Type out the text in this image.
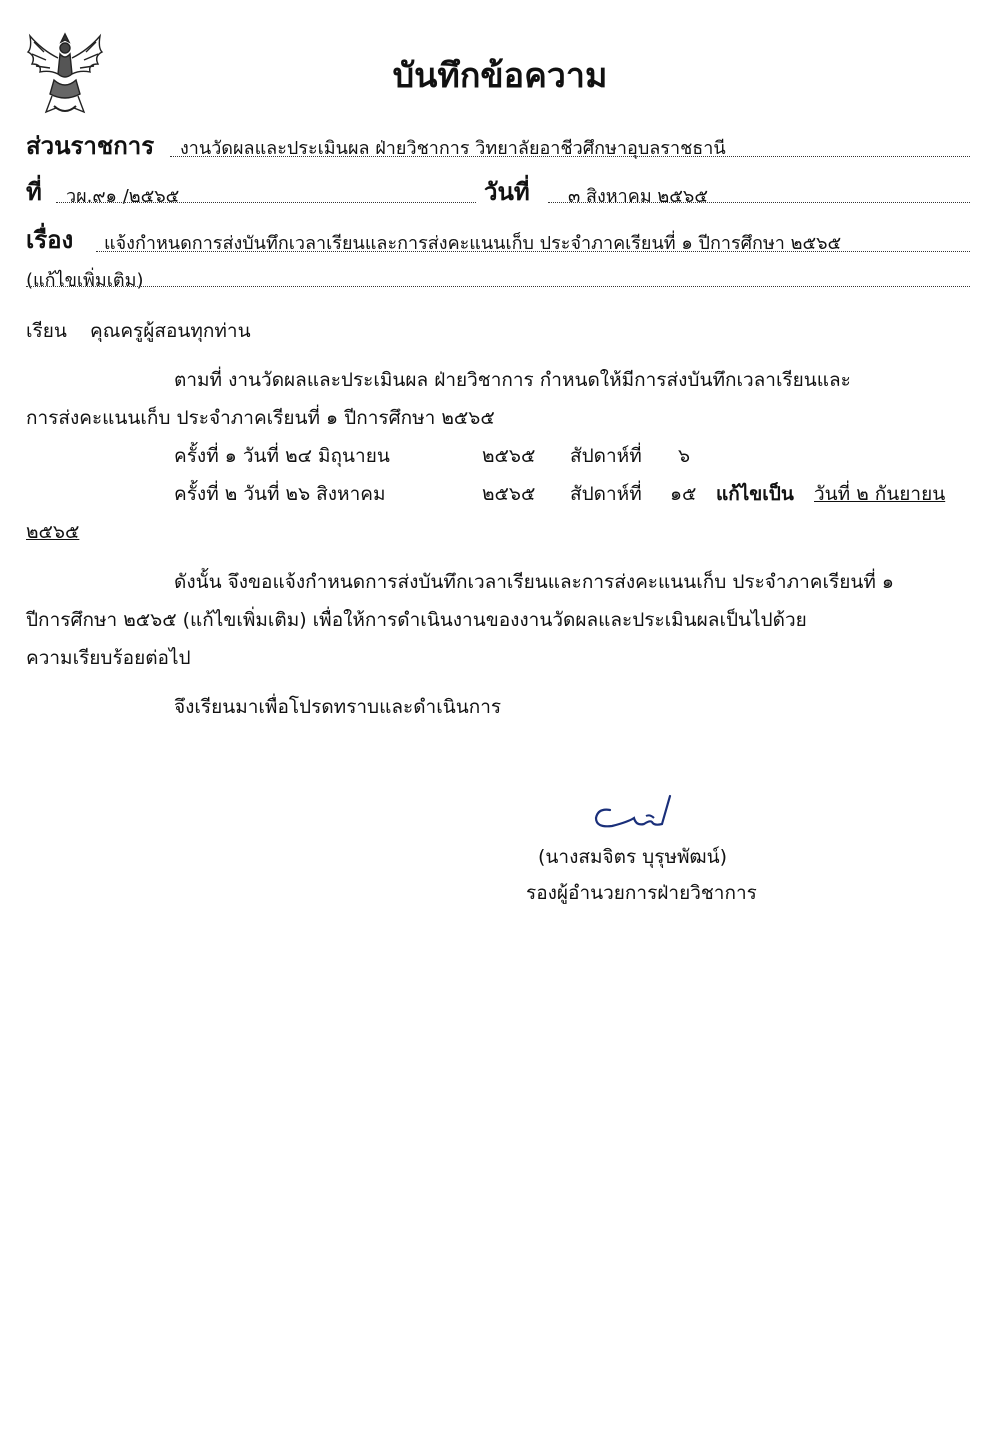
บันทึกข้อความ
ส่วนราชการ งานวัดผลและประเมินผล ฝ่ายวิชาการ วิทยาลัยอาชีวศึกษาอุบลราชธานี
ที่ วผ.๙๑ /๒๕๖๕	วันที่ ๓ สิงหาคม ๒๕๖๕
เรื่อง แจ้งกำหนดการส่งบันทึกเวลาเรียนและการส่งคะแนนเก็บ ประจำภาคเรียนที่ ๑ ปีการศึกษา ๒๕๖๕
(แก้ไขเพิ่มเติม)
เรียน คุณครูผู้สอนทุกท่าน
ตามที่ งานวัดผลและประเมินผล ฝ่ายวิชาการ กำหนดให้มีการส่งบันทึกเวลาเรียนและ
การส่งคะแนนเก็บ ประจำภาคเรียนที่ ๑ ปีการศึกษา ๒๕๖๕
ครั้งที่ ๑ วันที่ ๒๔ มิถุนายน	๒๕๖๕ สัปดาห์ที่ ๖
ครั้งที่ ๒ วันที่ ๒๖ สิงหาคม	๒๕๖๕ สัปดาห์ที่ ๑๕ แก้ไขเป็น วันที่ ๒ กันยายน
๒๕๖๕
ดังนั้น จึงขอแจ้งกำหนดการส่งบันทึกเวลาเรียนและการส่งคะแนนเก็บ ประจำภาคเรียนที่ ๑
ปีการศึกษา ๒๕๖๕ (แก้ไขเพิ่มเติม) เพื่อให้การดำเนินงานของงานวัดผลและประเมินผลเป็นไปด้วย
ความเรียบร้อยต่อไป
จึงเรียนมาเพื่อโปรดทราบและดำเนินการ
(นางสมจิตร บุรุษพัฒน์)
รองผู้อำนวยการฝ่ายวิชาการ
